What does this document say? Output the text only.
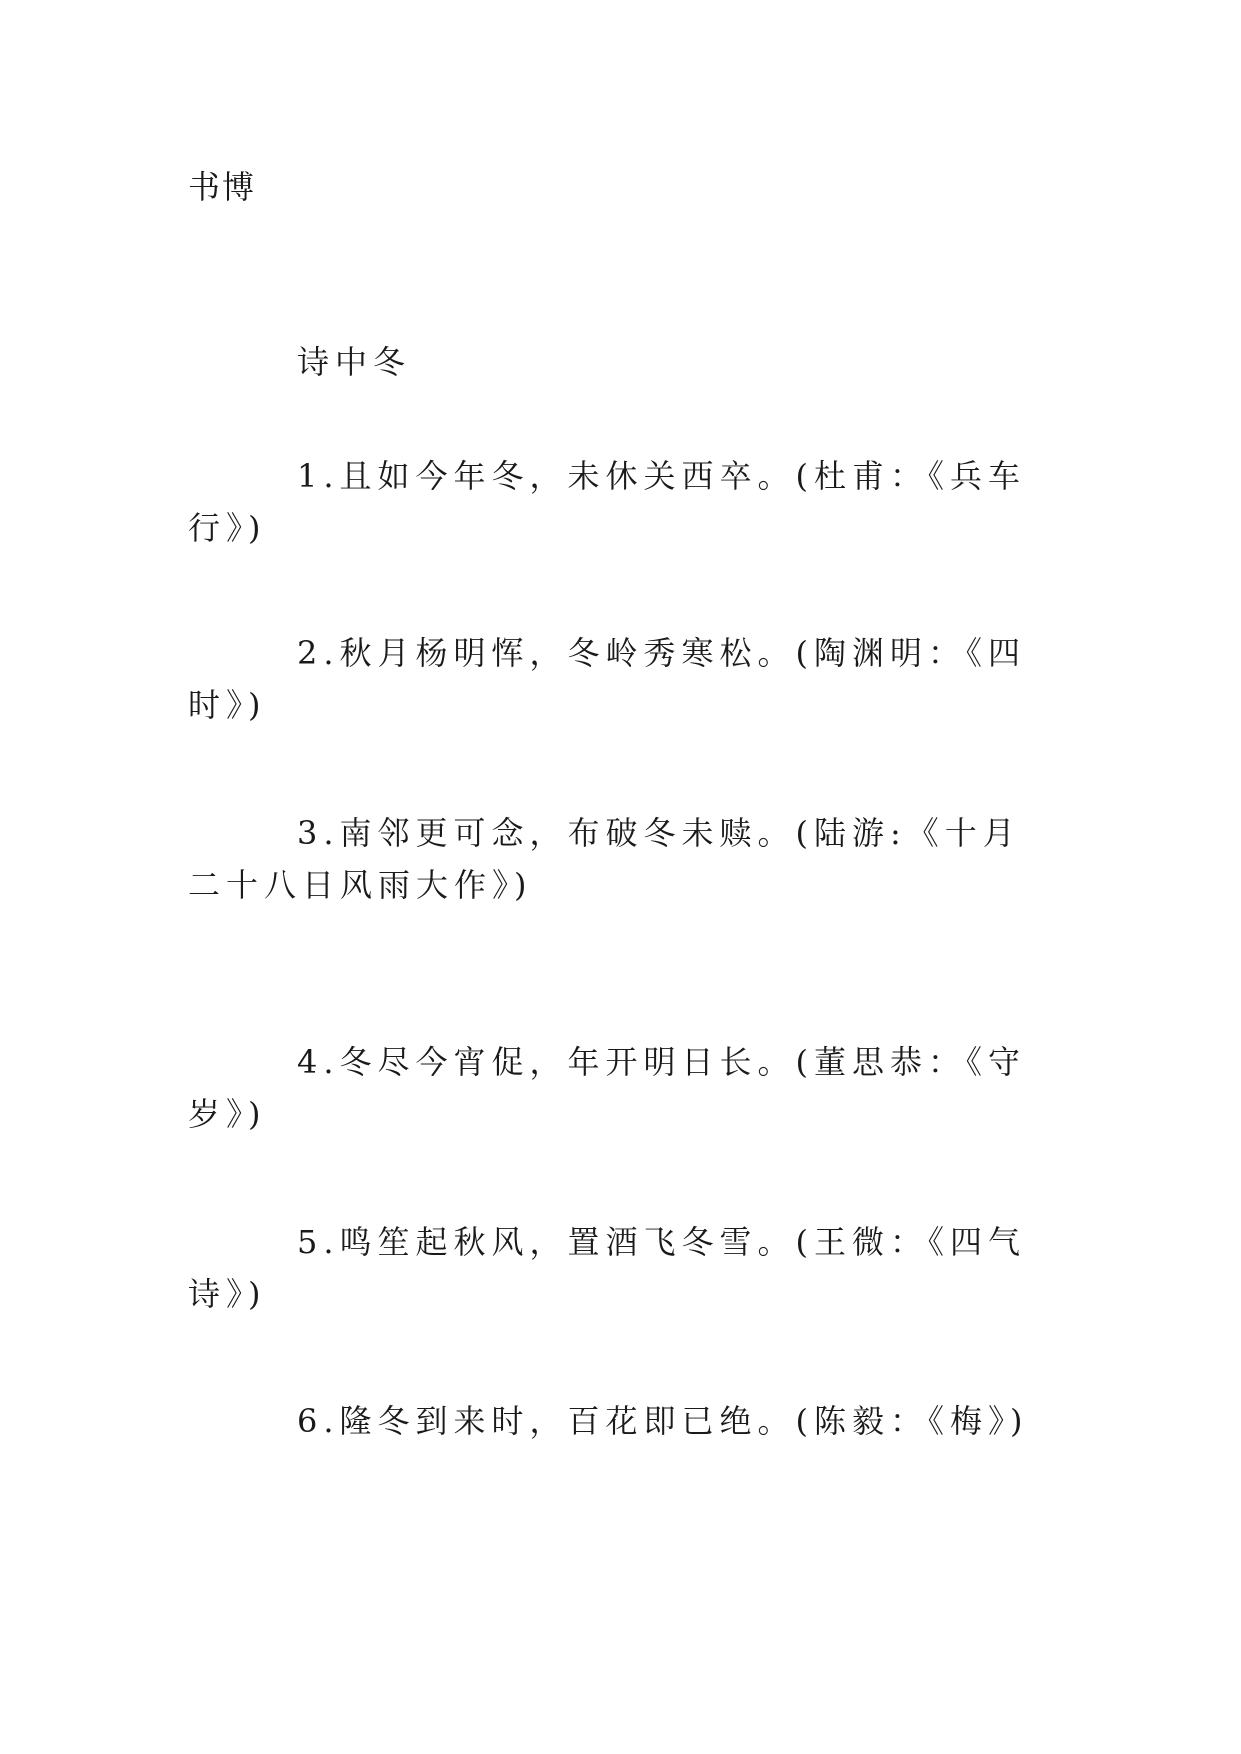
书博
诗中冬
1.且如今年冬，未休关西卒。(杜甫：《兵车行》)
2.秋月杨明恽，冬岭秀寒松。(陶渊明：《四时》)
3.南邻更可念，布破冬未赎。(陆游:《十月二十八日风雨大作》)
4.冬尽今宵促，年开明日长。(董思恭：《守岁》)
5.鸣笙起秋风，置酒飞冬雪。(王微：《四气诗》)
6.隆冬到来时，百花即已绝。(陈毅：《梅》)
